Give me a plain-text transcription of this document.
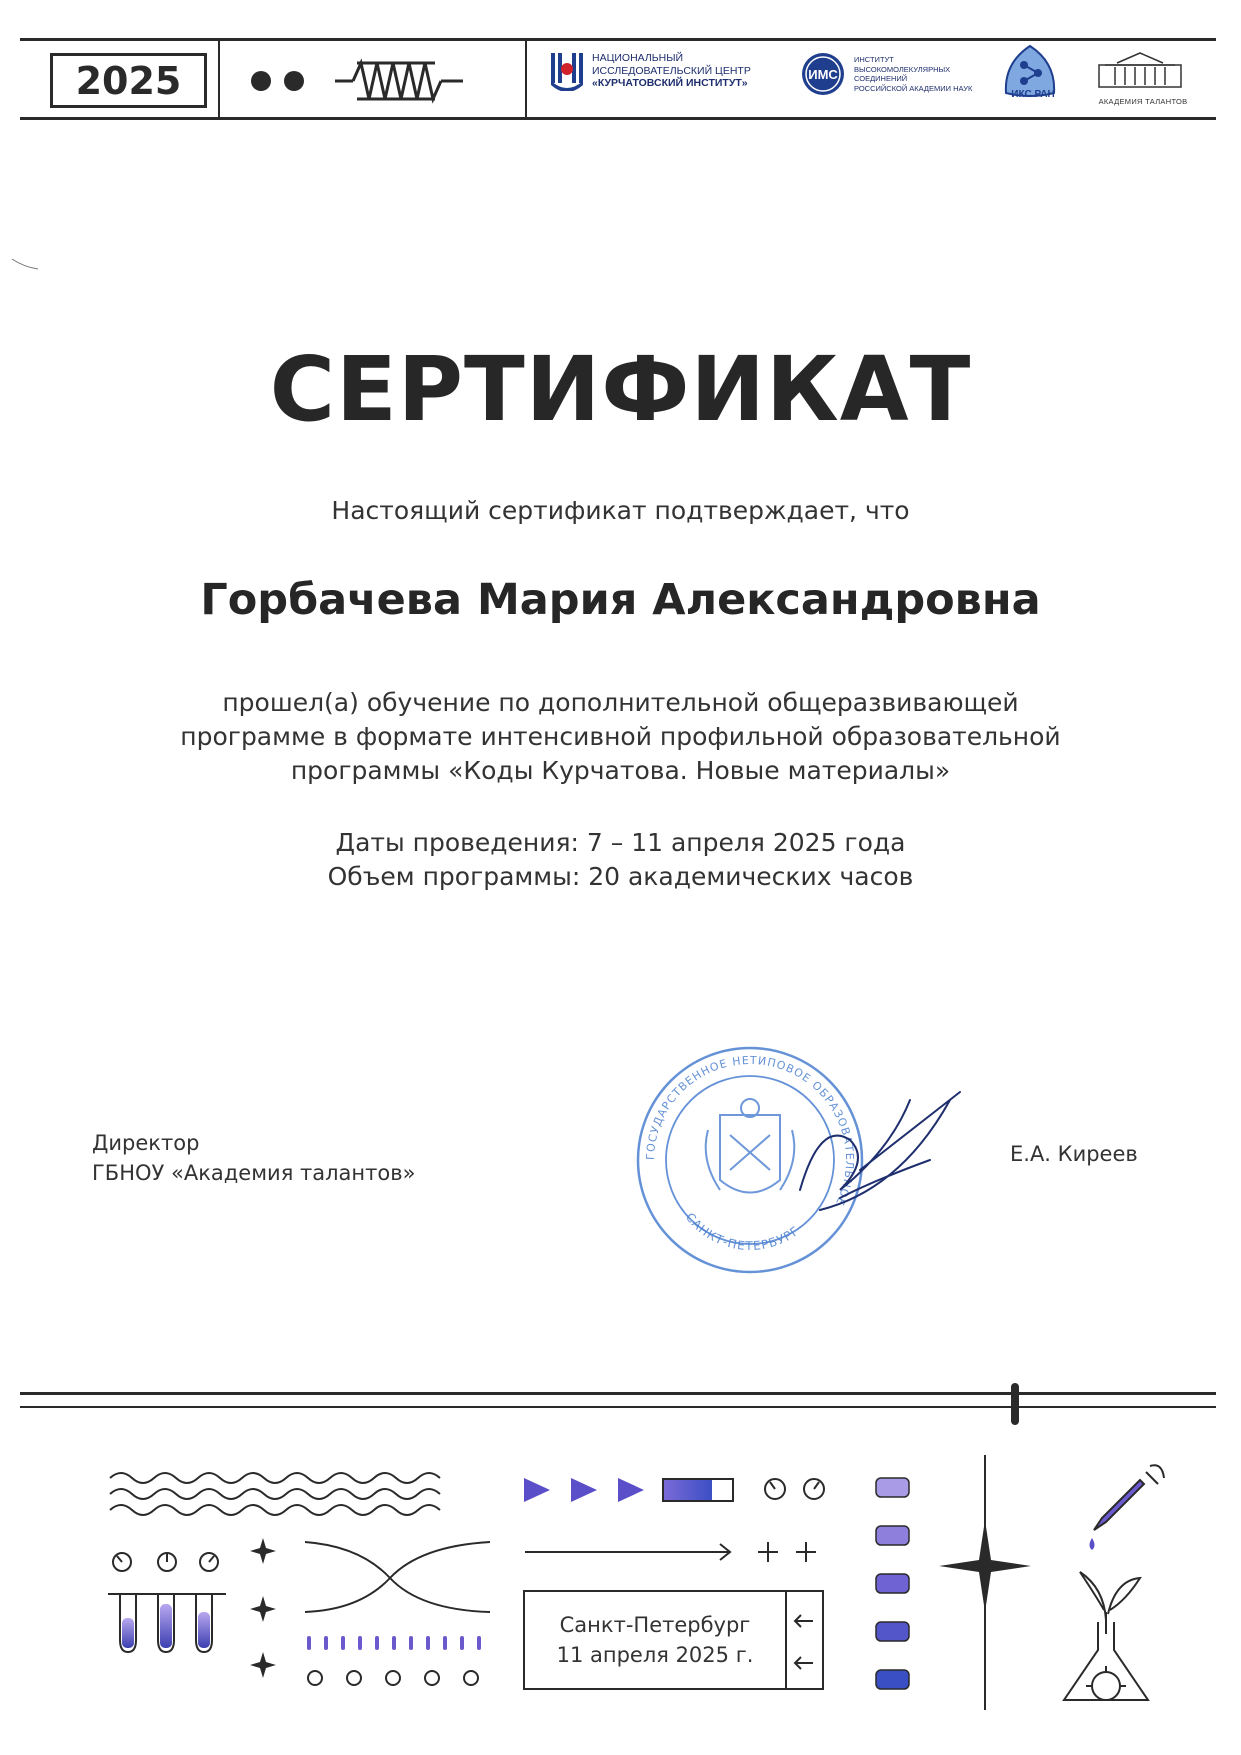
2025
НАЦИОНАЛЬНЫЙ
ИССЛЕДОВАТЕЛЬСКИЙ ЦЕНТР
«КУРЧАТОВСКИЙ ИНСТИТУТ»
ИМС
ИНСТИТУТ
ВЫСОКОМОЛЕКУЛЯРНЫХ
СОЕДИНЕНИЙ
РОССИЙСКОЙ АКАДЕМИИ НАУК
ИКС РАН
АКАДЕМИЯ ТАЛАНТОВ
СЕРТИФИКАТ
Настоящий сертификат подтверждает, что
Горбачева Мария Александровна
прошел(а) обучение по дополнительной общеразвивающей
программе в формате интенсивной профильной образовательной
программы «Коды Курчатова. Новые материалы»
Даты проведения: 7 – 11 апреля 2025 года
Объем программы: 20 академических часов
Директор
ГБНОУ «Академия талантов»
Е.А. Киреев
ГОСУДАРСТВЕННОЕ НЕТИПОВОЕ ОБРАЗОВАТЕЛЬНОЕ
САНКТ-ПЕТЕРБУРГ
Санкт-Петербург
11 апреля 2025 г.
